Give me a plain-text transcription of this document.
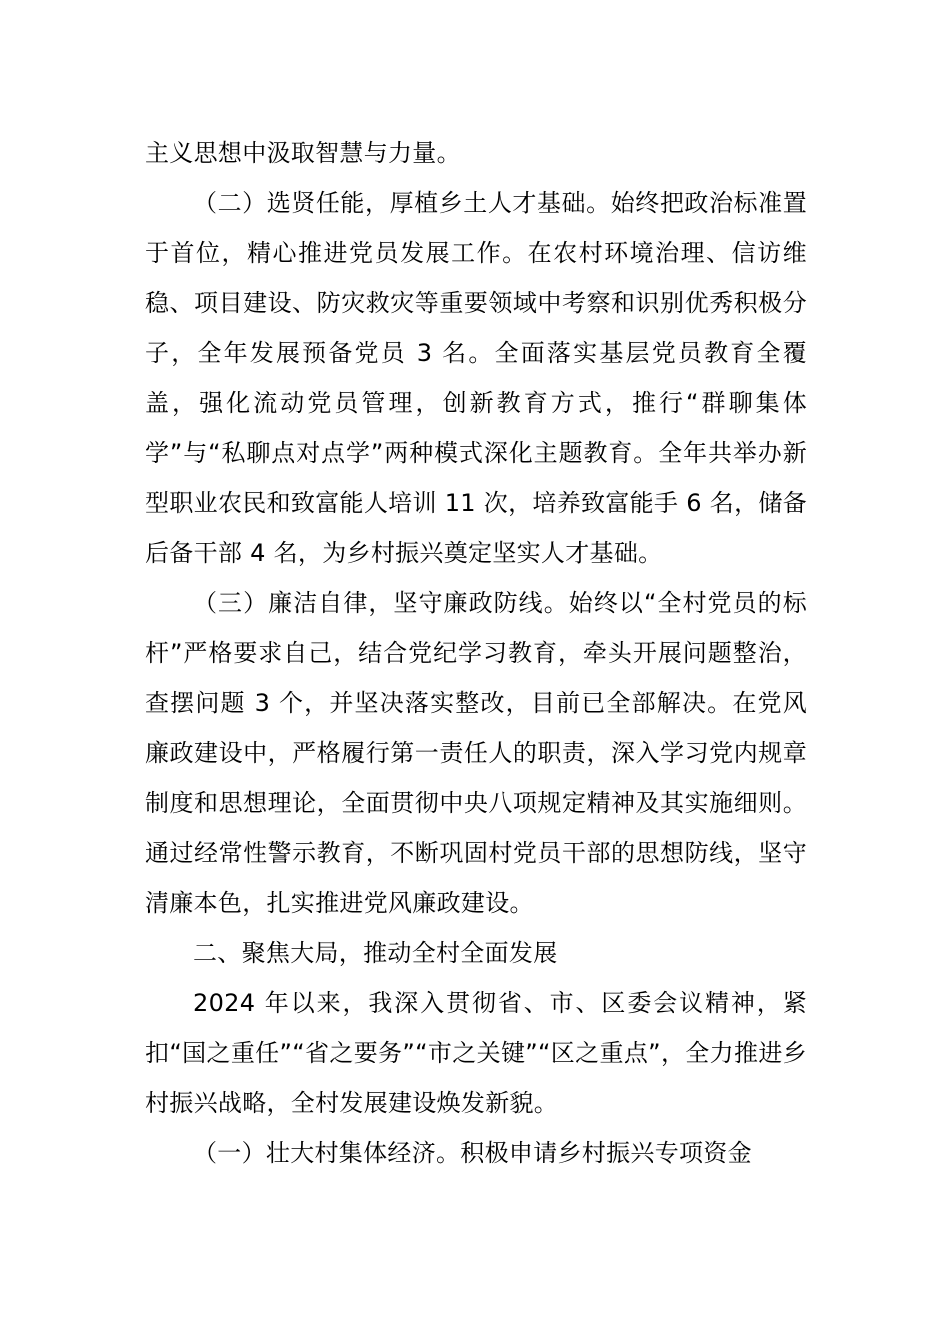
主义思想中汲取智慧与力量。

（二）选贤任能，厚植乡土人才基础。始终把政治标准置于首位，精心推进党员发展工作。在农村环境治理、信访维稳、项目建设、防灾救灾等重要领域中考察和识别优秀积极分子，全年发展预备党员 3 名。全面落实基层党员教育全覆盖，强化流动党员管理，创新教育方式，推行“群聊集体学”与“私聊点对点学”两种模式深化主题教育。全年共举办新型职业农民和致富能人培训 11 次，培养致富能手 6 名，储备后备干部 4 名，为乡村振兴奠定坚实人才基础。

（三）廉洁自律，坚守廉政防线。始终以“全村党员的标杆”严格要求自己，结合党纪学习教育，牵头开展问题整治，查摆问题 3 个，并坚决落实整改，目前已全部解决。在党风廉政建设中，严格履行第一责任人的职责，深入学习党内规章制度和思想理论，全面贯彻中央八项规定精神及其实施细则。通过经常性警示教育，不断巩固村党员干部的思想防线，坚守清廉本色，扎实推进党风廉政建设。

二、聚焦大局，推动全村全面发展

2024 年以来，我深入贯彻省、市、区委会议精神，紧扣“国之重任”“省之要务”“市之关键”“区之重点”，全力推进乡村振兴战略，全村发展建设焕发新貌。

（一）壮大村集体经济。积极申请乡村振兴专项资金
